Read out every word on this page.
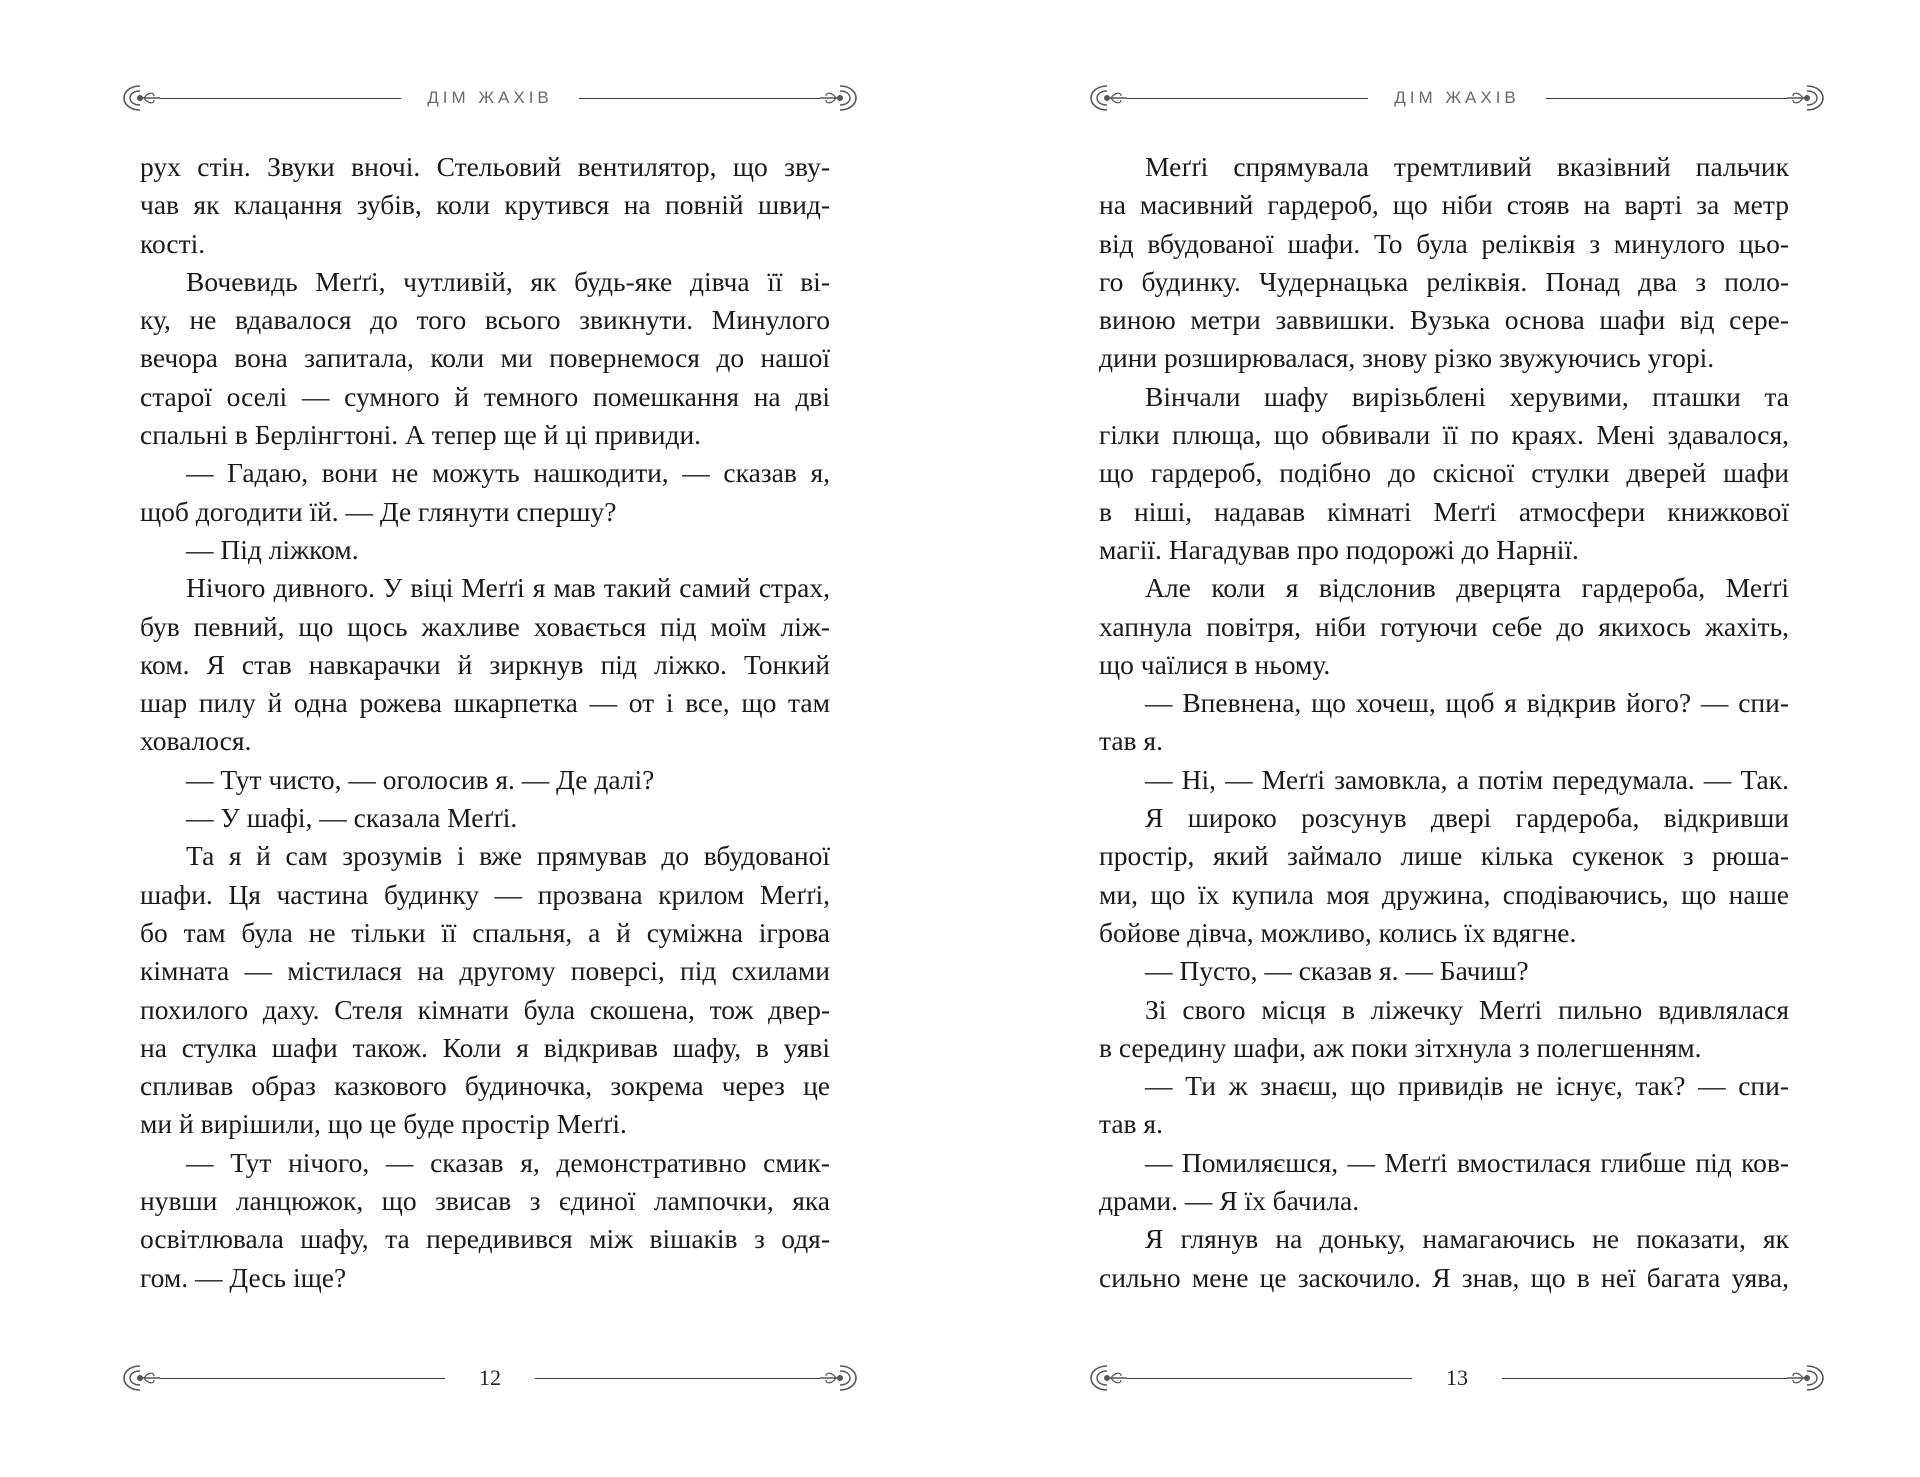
ДІМ ЖАХІВ
рух стін. Звуки вночі. Стельовий вентилятор, що зву-
чав як клацання зубів, коли крутився на повній швид-
кості.
Вочевидь Меґґі, чутливій, як будь-яке дівча її ві-
ку, не вдавалося до того всього звикнути. Минулого
вечора вона запитала, коли ми повернемося до нашої
старої оселі — сумного й темного помешкання на дві
спальні в Берлінгтоні. А тепер ще й ці привиди.
— Гадаю, вони не можуть нашкодити, — сказав я,
щоб догодити їй. — Де глянути спершу?
— Під ліжком.
Нічого дивного. У віці Меґґі я мав такий самий страх,
був певний, що щось жахливе ховається під моїм ліж-
ком. Я став навкарачки й зиркнув під ліжко. Тонкий
шар пилу й одна рожева шкарпетка — от і все, що там
ховалося.
— Тут чисто, — оголосив я. — Де далі?
— У шафі, — сказала Меґґі.
Та я й сам зрозумів і вже прямував до вбудованої
шафи. Ця частина будинку — прозвана крилом Меґґі,
бо там була не тільки її спальня, а й суміжна ігрова
кімната — містилася на другому поверсі, під схилами
похилого даху. Стеля кімнати була скошена, тож двер-
на стулка шафи також. Коли я відкривав шафу, в уяві
спливав образ казкового будиночка, зокрема через це
ми й вирішили, що це буде простір Меґґі.
— Тут нічого, — сказав я, демонстративно смик-
нувши ланцюжок, що звисав з єдиної лампочки, яка
освітлювала шафу, та передивився між вішаків з одя-
гом. — Десь іще?
12
ДІМ ЖАХІВ
Меґґі спрямувала тремтливий вказівний пальчик
на масивний гардероб, що ніби стояв на варті за метр
від вбудованої шафи. То була реліквія з минулого цьо-
го будинку. Чудернацька реліквія. Понад два з поло-
виною метри заввишки. Вузька основа шафи від сере-
дини розширювалася, знову різко звужуючись угорі.
Вінчали шафу вирізьблені херувими, пташки та
гілки плюща, що обвивали її по краях. Мені здавалося,
що гардероб, подібно до скісної стулки дверей шафи
в ніші, надавав кімнаті Меґґі атмосфери книжкової
магії. Нагадував про подорожі до Нарнії.
Але коли я відслонив дверцята гардероба, Меґґі
хапнула повітря, ніби готуючи себе до якихось жахіть,
що чаїлися в ньому.
— Впевнена, що хочеш, щоб я відкрив його? — спи-
тав я.
— Ні, — Меґґі замовкла, а потім передумала. — Так.
Я широко розсунув двері гардероба, відкривши
простір, який займало лише кілька сукенок з рюша-
ми, що їх купила моя дружина, сподіваючись, що наше
бойове дівча, можливо, колись їх вдягне.
— Пусто, — сказав я. — Бачиш?
Зі свого місця в ліжечку Меґґі пильно вдивлялася
в середину шафи, аж поки зітхнула з полегшенням.
— Ти ж знаєш, що привидів не існує, так? — спи-
тав я.
— Помиляєшся, — Меґґі вмостилася глибше під ков-
драми. — Я їх бачила.
Я глянув на доньку, намагаючись не показати, як
сильно мене це заскочило. Я знав, що в неї багата уява,
13
